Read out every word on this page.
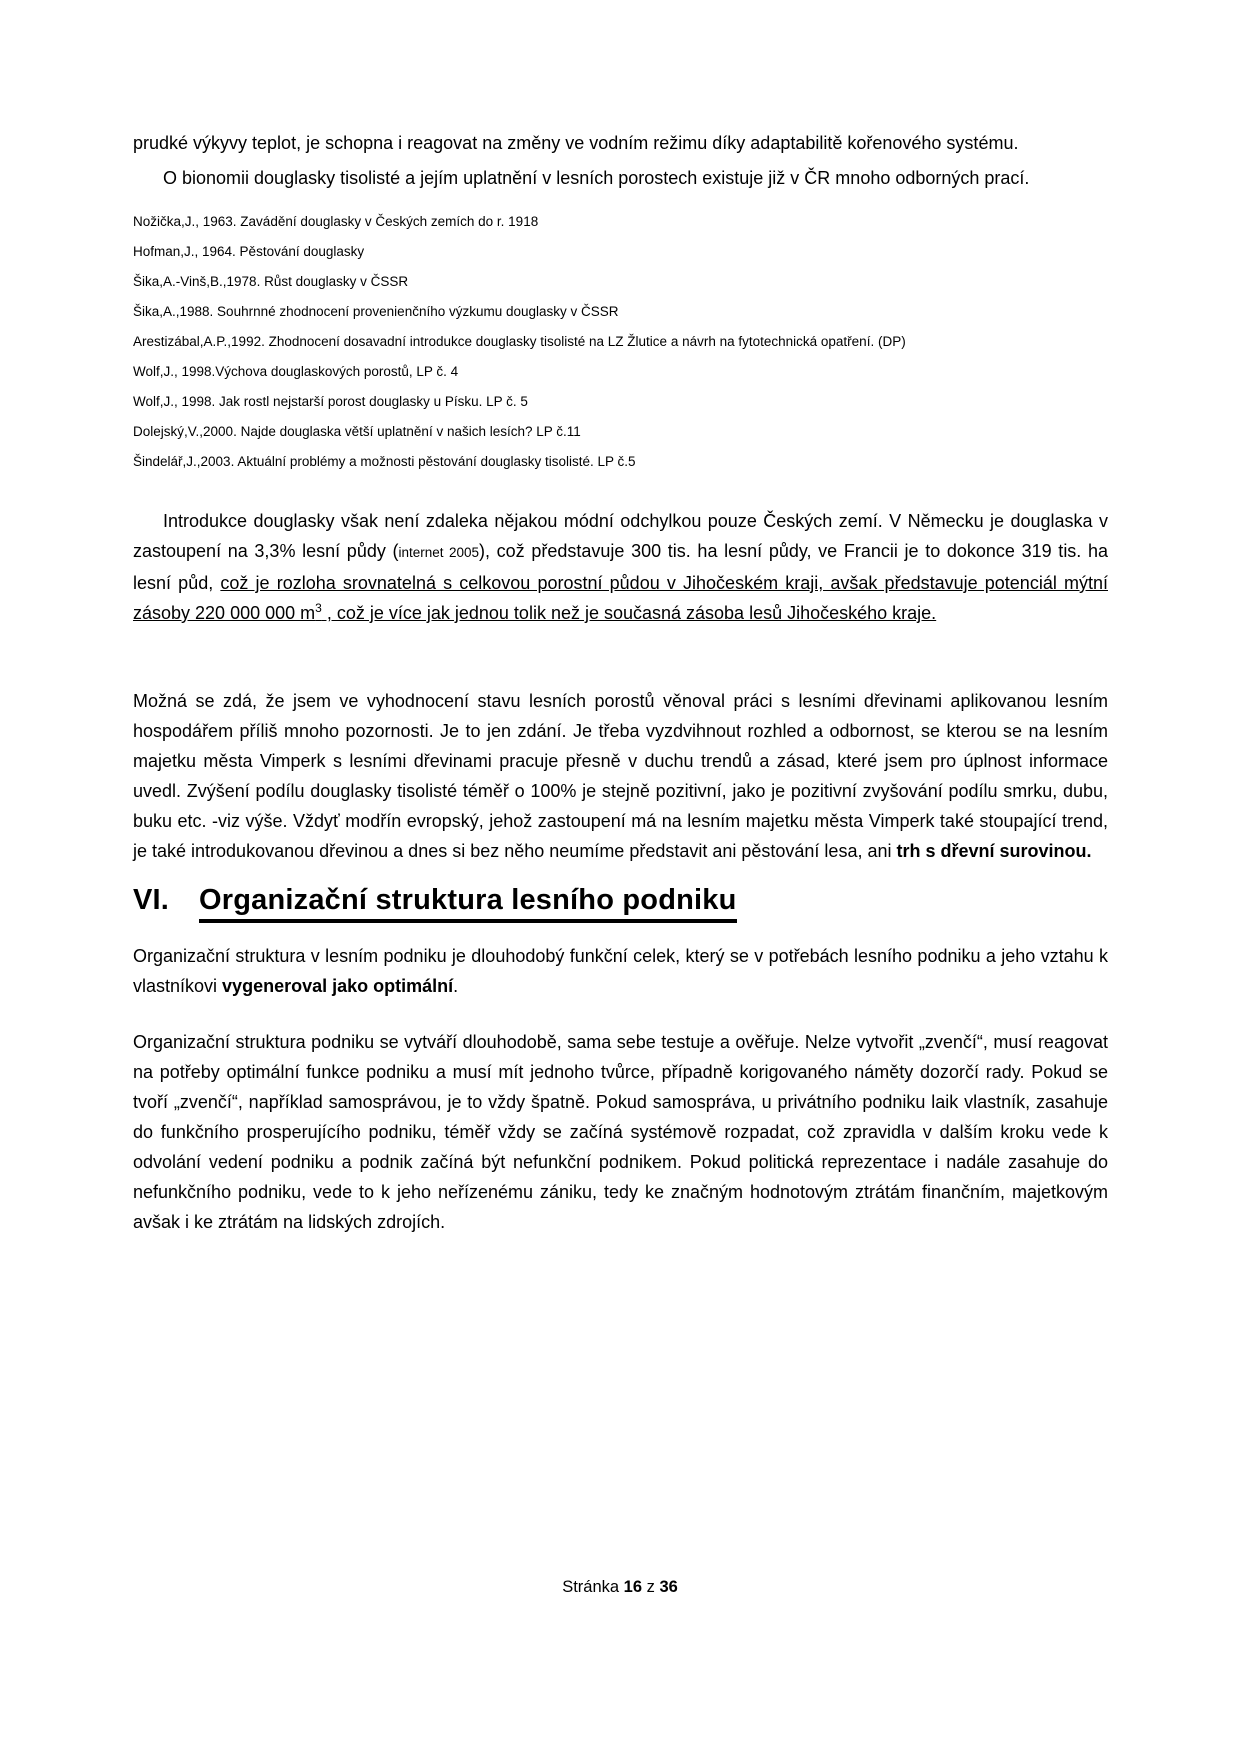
prudké výkyvy teplot, je schopna i reagovat na změny ve vodním režimu díky adaptabilitě kořenového systému.

O bionomii douglasky tisolisté a jejím uplatnění v lesních porostech existuje již v ČR mnoho odborných prací.

Nožička,J., 1963. Zavádění douglasky v Českých zemích do r. 1918

Hofman,J., 1964. Pěstování douglasky

Šika,A.-Vinš,B.,1978. Růst douglasky v ČSSR

Šika,A.,1988. Souhrnné zhodnocení provenienčního výzkumu douglasky v ČSSR

Arestizábal,A.P.,1992. Zhodnocení dosavadní introdukce douglasky tisolisté na LZ Žlutice a návrh na fytotechnická opatření. (DP)

Wolf,J., 1998.Výchova douglaskových porostů, LP č. 4

Wolf,J., 1998. Jak rostl nejstarší porost douglasky u Písku. LP č. 5

Dolejský,V.,2000. Najde douglaska větší uplatnění v našich lesích? LP č.11

Šindelář,J.,2003. Aktuální problémy a možnosti pěstování douglasky tisolisté. LP č.5

Introdukce douglasky však není zdaleka nějakou módní odchylkou pouze Českých zemí. V Německu je douglaska v zastoupení na 3,3% lesní půdy (internet 2005), což představuje 300 tis. ha lesní půdy, ve Francii je to dokonce 319 tis. ha lesní půd, což je rozloha srovnatelná s celkovou porostní půdou v Jihočeském kraji, avšak představuje potenciál mýtní zásoby 220 000 000 $m^3$ , což je více jak jednou tolik než je současná zásoba lesů Jihočeského kraje.

Možná se zdá, že jsem ve vyhodnocení stavu lesních porostů věnoval práci s lesními dřevinami aplikovanou lesním hospodářem příliš mnoho pozornosti. Je to jen zdání. Je třeba vyzdvihnout rozhled a odbornost, se kterou se na lesním majetku města Vimperk s lesními dřevinami pracuje přesně v duchu trendů a zásad, které jsem pro úplnost informace uvedl. Zvýšení podílu douglasky tisolisté téměř o 100% je stejně pozitivní, jako je pozitivní zvyšování podílu smrku, dubu, buku etc. -viz výše. Vždyť modřín evropský, jehož zastoupení má na lesním majetku města Vimperk také stoupající trend, je také introdukovanou dřevinou a dnes si bez něho neumíme představit ani pěstování lesa, ani trh s dřevní surovinou.

VI. Organizační struktura lesního podniku

Organizační struktura v lesním podniku je dlouhodobý funkční celek, který se v potřebách lesního podniku a jeho vztahu k vlastníkovi vygeneroval jako optimální.

Organizační struktura podniku se vytváří dlouhodobě, sama sebe testuje a ověřuje. Nelze vytvořit „zvenčí“, musí reagovat na potřeby optimální funkce podniku a musí mít jednoho tvůrce, případně korigovaného náměty dozorčí rady. Pokud se tvoří „zvenčí“, například samosprávou, je to vždy špatně. Pokud samospráva, u privátního podniku laik vlastník, zasahuje do funkčního prosperujícího podniku, téměř vždy se začíná systémově rozpadat, což zpravidla v dalším kroku vede k odvolání vedení podniku a podnik začíná být nefunkční podnikem. Pokud politická reprezentace i nadále zasahuje do nefunkčního podniku, vede to k jeho neřízenému zániku, tedy ke značným hodnotovým ztrátám finančním, majetkovým avšak i ke ztrátám na lidských zdrojích.

Stránka 16 z 36
